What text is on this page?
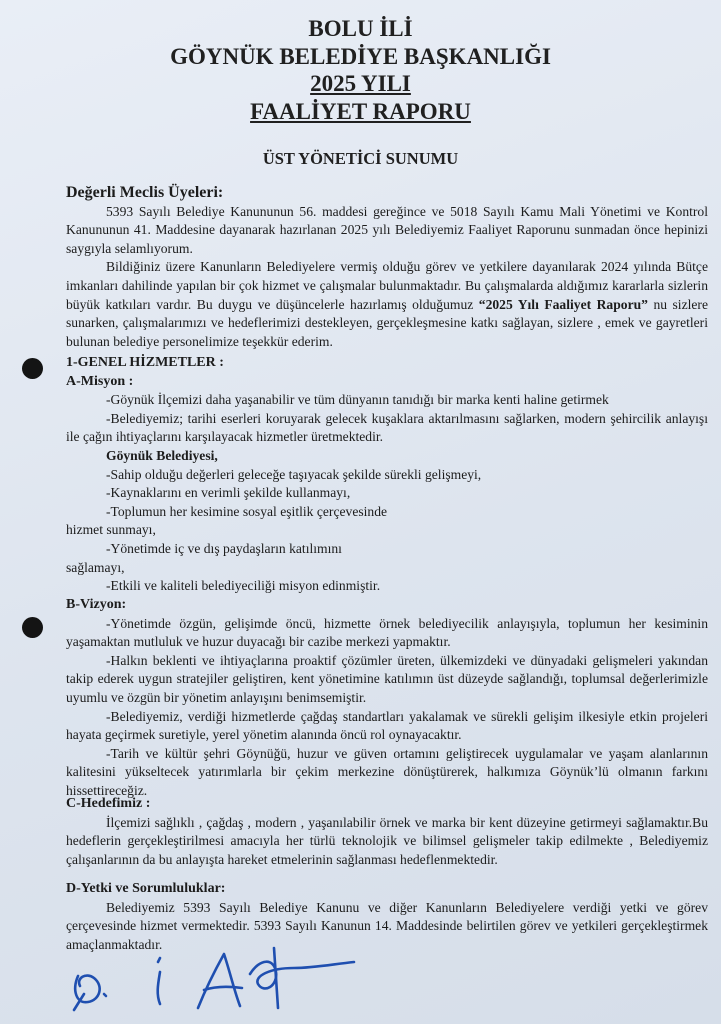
BOLU İLİ
GÖYNÜK BELEDİYE BAŞKANLIĞI
2025 YILI
FAALİYET RAPORU
ÜST YÖNETİCİ SUNUMU

Değerli Meclis Üyeleri:

5393 Sayılı Belediye Kanununun 56. maddesi gereğince ve 5018 Sayılı Kamu Mali Yönetimi ve Kontrol Kanununun 41. Maddesine dayanarak hazırlanan 2025 yılı Belediyemiz Faaliyet Raporunu sunmadan önce hepinizi saygıyla selamlıyorum.

Bildiğiniz üzere Kanunların Belediyelere vermiş olduğu görev ve yetkilere dayanılarak 2024 yılında Bütçe imkanları dahilinde yapılan bir çok hizmet ve çalışmalar bulunmaktadır. Bu çalışmalarda aldığımız kararlarla sizlerin büyük katkıları vardır. Bu duygu ve düşüncelerle hazırlamış olduğumuz “2025 Yılı Faaliyet Raporu” nu sizlere sunarken, çalışmalarımızı ve hedeflerimizi destekleyen, gerçekleşmesine katkı sağlayan, sizlere , emek ve gayretleri bulunan belediye personelimize teşekkür ederim.

1-GENEL HİZMETLER :

A-Misyon :

-Göynük İlçemizi daha yaşanabilir ve tüm dünyanın tanıdığı bir marka kenti haline getirmek

-Belediyemiz; tarihi eserleri koruyarak gelecek kuşaklara aktarılmasını sağlarken, modern şehircilik anlayışı ile çağın ihtiyaçlarını karşılayacak hizmetler üretmektedir.

Göynük Belediyesi,

-Sahip olduğu değerleri geleceğe taşıyacak şekilde sürekli gelişmeyi,

-Kaynaklarını en verimli şekilde kullanmayı,

-Toplumun her kesimine sosyal eşitlik çerçevesinde

hizmet sunmayı,

-Yönetimde iç ve dış paydaşların katılımını

sağlamayı,

-Etkili ve kaliteli belediyeciliği misyon edinmiştir.

B-Vizyon:

-Yönetimde özgün, gelişimde öncü, hizmette örnek belediyecilik anlayışıyla, toplumun her kesiminin yaşamaktan mutluluk ve huzur duyacağı bir cazibe merkezi yapmaktır.

-Halkın beklenti ve ihtiyaçlarına proaktif çözümler üreten, ülkemizdeki ve dünyadaki gelişmeleri yakından takip ederek uygun stratejiler geliştiren, kent yönetimine katılımın üst düzeyde sağlandığı, toplumsal değerlerimizle uyumlu ve özgün bir yönetim anlayışını benimsemiştir.

-Belediyemiz, verdiği hizmetlerde çağdaş standartları yakalamak ve sürekli gelişim ilkesiyle etkin projeleri hayata geçirmek suretiyle, yerel yönetim alanında öncü rol oynayacaktır.

-Tarih ve kültür şehri Göynüğü, huzur ve güven ortamını geliştirecek uygulamalar ve yaşam alanlarının kalitesini yükseltecek yatırımlarla bir çekim merkezine dönüştürerek, halkımıza Göynük’lü olmanın farkını hissettireceğiz.

C-Hedefimiz :

İlçemizi sağlıklı , çağdaş , modern , yaşanılabilir örnek ve marka bir kent düzeyine getirmeyi sağlamaktır.Bu hedeflerin gerçekleştirilmesi amacıyla her türlü teknolojik ve bilimsel gelişmeler takip edilmekte , Belediyemiz çalışanlarının da bu anlayışta hareket etmelerinin sağlanması hedeflenmektedir.

D-Yetki ve Sorumluluklar:

Belediyemiz 5393 Sayılı Belediye Kanunu ve diğer Kanunların Belediyelere verdiği yetki ve görev çerçevesinde hizmet vermektedir. 5393 Sayılı Kanunun 14. Maddesinde belirtilen görev ve yetkileri gerçekleştirmek amaçlanmaktadır.
